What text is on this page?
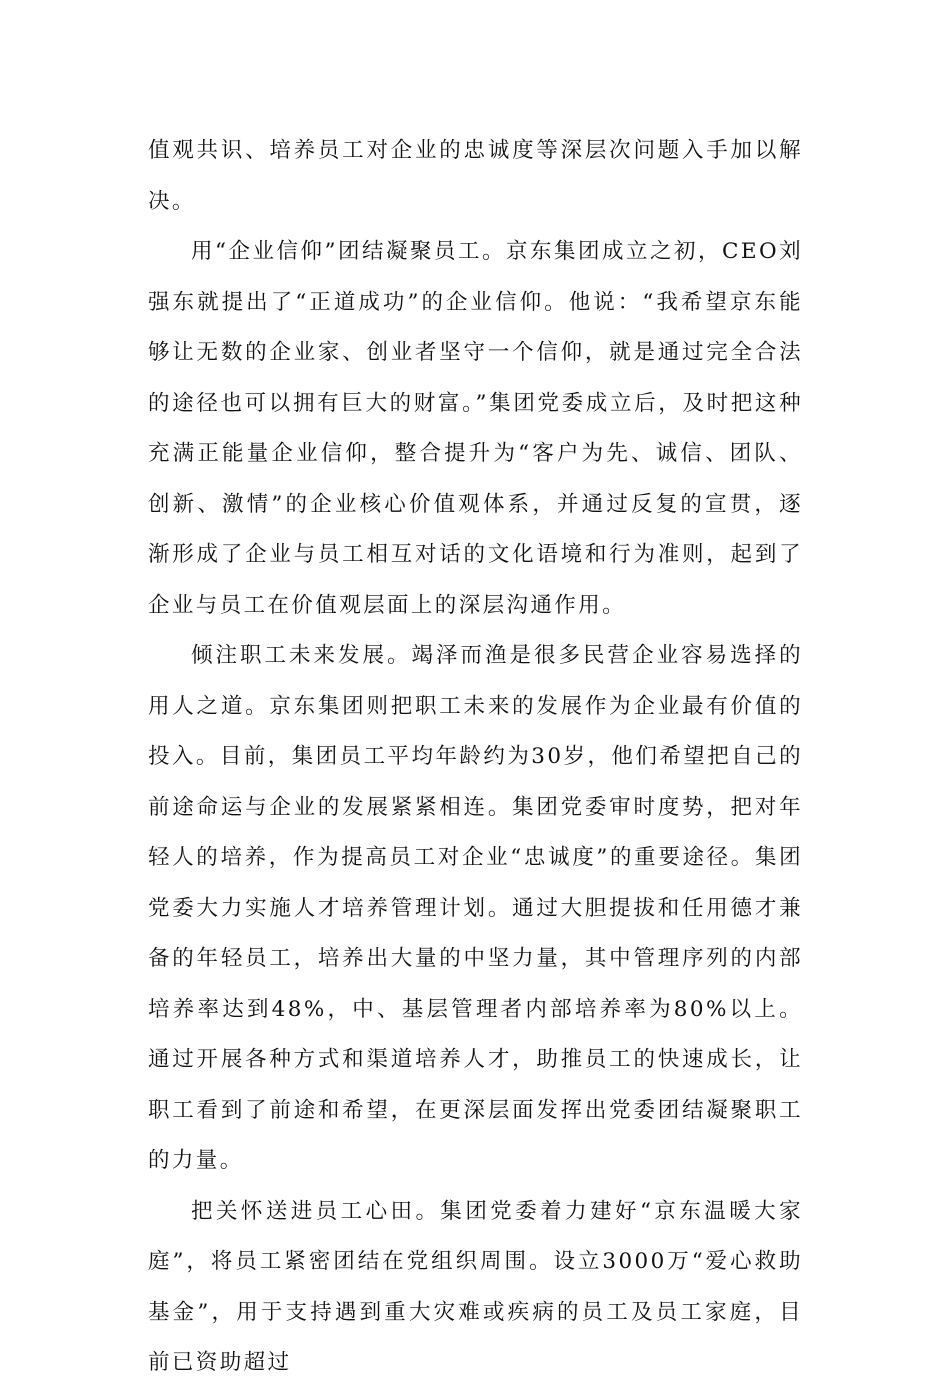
值观共识、培养员工对企业的忠诚度等深层次问题入手加以解决。

用“企业信仰”团结凝聚员工。京东集团成立之初，CEO刘强东就提出了“正道成功”的企业信仰。他说：“我希望京东能够让无数的企业家、创业者坚守一个信仰，就是通过完全合法的途径也可以拥有巨大的财富。”集团党委成立后，及时把这种充满正能量企业信仰，整合提升为“客户为先、诚信、团队、创新、激情”的企业核心价值观体系，并通过反复的宣贯，逐渐形成了企业与员工相互对话的文化语境和行为准则，起到了企业与员工在价值观层面上的深层沟通作用。

倾注职工未来发展。竭泽而渔是很多民营企业容易选择的用人之道。京东集团则把职工未来的发展作为企业最有价值的投入。目前，集团员工平均年龄约为30岁，他们希望把自己的前途命运与企业的发展紧紧相连。集团党委审时度势，把对年轻人的培养，作为提高员工对企业“忠诚度”的重要途径。集团党委大力实施人才培养管理计划。通过大胆提拔和任用德才兼备的年轻员工，培养出大量的中坚力量，其中管理序列的内部培养率达到48%，中、基层管理者内部培养率为80%以上。通过开展各种方式和渠道培养人才，助推员工的快速成长，让职工看到了前途和希望，在更深层面发挥出党委团结凝聚职工的力量。

把关怀送进员工心田。集团党委着力建好“京东温暖大家庭”，将员工紧密团结在党组织周围。设立3000万“爱心救助基金”，用于支持遇到重大灾难或疾病的员工及员工家庭，目前已资助超过
